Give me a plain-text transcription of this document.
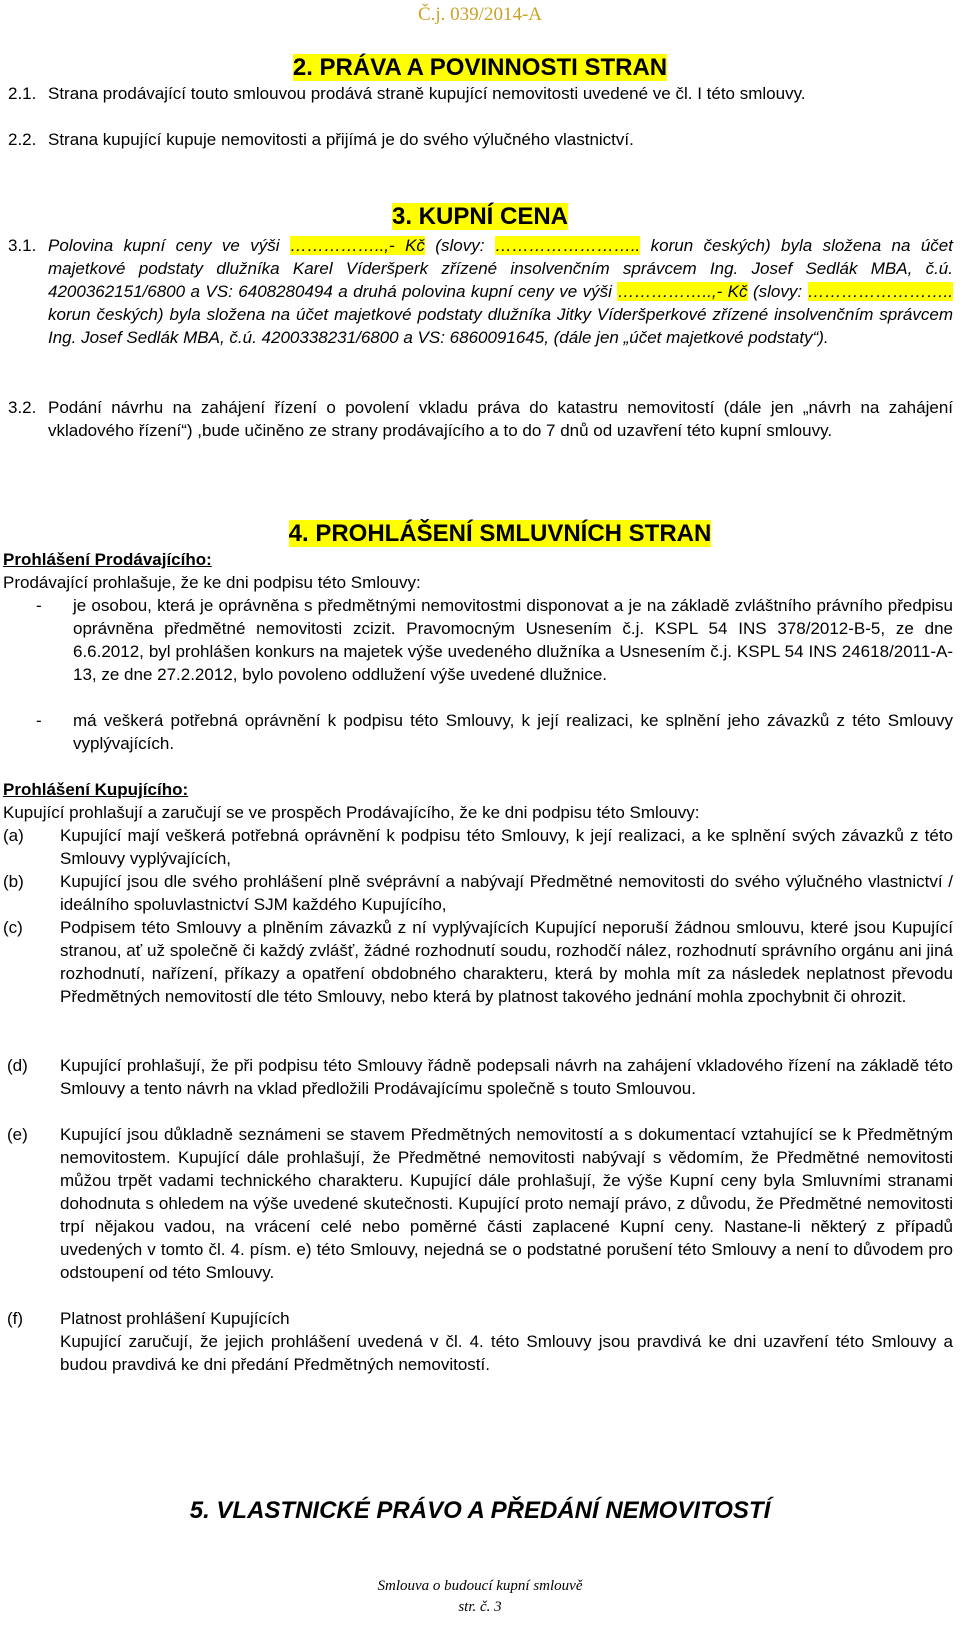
Č.j. 039/2014-A
2. PRÁVA A POVINNOSTI STRAN
2.1. Strana prodávající touto smlouvou prodává straně kupující nemovitosti uvedené ve čl. I této smlouvy.
2.2. Strana kupující kupuje nemovitosti a přijímá je do svého výlučného vlastnictví.
3. KUPNÍ CENA
3.1. Polovina kupní ceny ve výši ……………..,- Kč (slovy: …………………….. korun českých) byla složena na účet majetkové podstaty dlužníka Karel Víderšperk zřízené insolvenčním správcem Ing. Josef Sedlák MBA, č.ú. 4200362151/6800 a VS: 6408280494 a druhá polovina kupní ceny ve výši ……………..,- Kč (slovy: …………………….. korun českých) byla složena na účet majetkové podstaty dlužníka Jitky Víderšperkové zřízené insolvenčním správcem Ing. Josef Sedlák MBA, č.ú. 4200338231/6800 a VS: 6860091645, (dále jen „účet majetkové podstaty“).
3.2. Podání návrhu na zahájení řízení o povolení vkladu práva do katastru nemovitostí (dále jen „návrh na zahájení vkladového řízení“) ,bude učiněno ze strany prodávajícího a to do 7 dnů od uzavření této kupní smlouvy.
4. PROHLÁŠENÍ SMLUVNÍCH STRAN
Prohlášení Prodávajícího:
Prodávající prohlašuje, že ke dni podpisu této Smlouvy:
- je osobou, která je oprávněna s předmětnými nemovitostmi disponovat a je na základě zvláštního právního předpisu oprávněna předmětné nemovitosti zcizit. Pravomocným Usnesením č.j. KSPL 54 INS 378/2012-B-5, ze dne 6.6.2012, byl prohlášen konkurs na majetek výše uvedeného dlužníka a Usnesením č.j. KSPL 54 INS 24618/2011-A-13, ze dne 27.2.2012, bylo povoleno oddlužení výše uvedené dlužnice.
- má veškerá potřebná oprávnění k podpisu této Smlouvy, k její realizaci, ke splnění jeho závazků z této Smlouvy vyplývajících.
Prohlášení Kupujícího:
Kupující prohlašují a zaručují se ve prospěch Prodávajícího, že ke dni podpisu této Smlouvy:
(a) Kupující mají veškerá potřebná oprávnění k podpisu této Smlouvy, k její realizaci, a ke splnění svých závazků z této Smlouvy vyplývajících,
(b) Kupující jsou dle svého prohlášení plně svéprávní a nabývají Předmětné nemovitosti do svého výlučného vlastnictví / ideálního spoluvlastnictví SJM každého Kupujícího,
(c) Podpisem této Smlouvy a plněním závazků z ní vyplývajících Kupující neporuší žádnou smlouvu, které jsou Kupující stranou, ať už společně či každý zvlášť, žádné rozhodnutí soudu, rozhodčí nález, rozhodnutí správního orgánu ani jiná rozhodnutí, nařízení, příkazy a opatření obdobného charakteru, která by mohla mít za následek neplatnost převodu Předmětných nemovitostí dle této Smlouvy, nebo která by platnost takového jednání mohla zpochybnit či ohrozit.
(d) Kupující prohlašují, že při podpisu této Smlouvy řádně podepsali návrh na zahájení vkladového řízení na základě této Smlouvy a tento návrh na vklad předložili Prodávajícímu společně s touto Smlouvou.
(e) Kupující jsou důkladně seznámeni se stavem Předmětných nemovitostí a s dokumentací vztahující se k Předmětným nemovitostem. Kupující dále prohlašují, že Předmětné nemovitosti nabývají s vědomím, že Předmětné nemovitosti můžou trpět vadami technického charakteru. Kupující dále prohlašují, že výše Kupní ceny byla Smluvními stranami dohodnuta s ohledem na výše uvedené skutečnosti. Kupující proto nemají právo, z důvodu, že Předmětné nemovitosti trpí nějakou vadou, na vrácení celé nebo poměrné části zaplacené Kupní ceny. Nastane-li některý z případů uvedených v tomto čl. 4. písm. e) této Smlouvy, nejedná se o podstatné porušení této Smlouvy a není to důvodem pro odstoupení od této Smlouvy.
(f) Platnost prohlášení Kupujících
Kupující zaručují, že jejich prohlášení uvedená v čl. 4. této Smlouvy jsou pravdivá ke dni uzavření této Smlouvy a budou pravdivá ke dni předání Předmětných nemovitostí.
5. VLASTNICKÉ PRÁVO A PŘEDÁNÍ NEMOVITOSTÍ
Smlouva o budoucí kupní smlouvě
str. č. 3
